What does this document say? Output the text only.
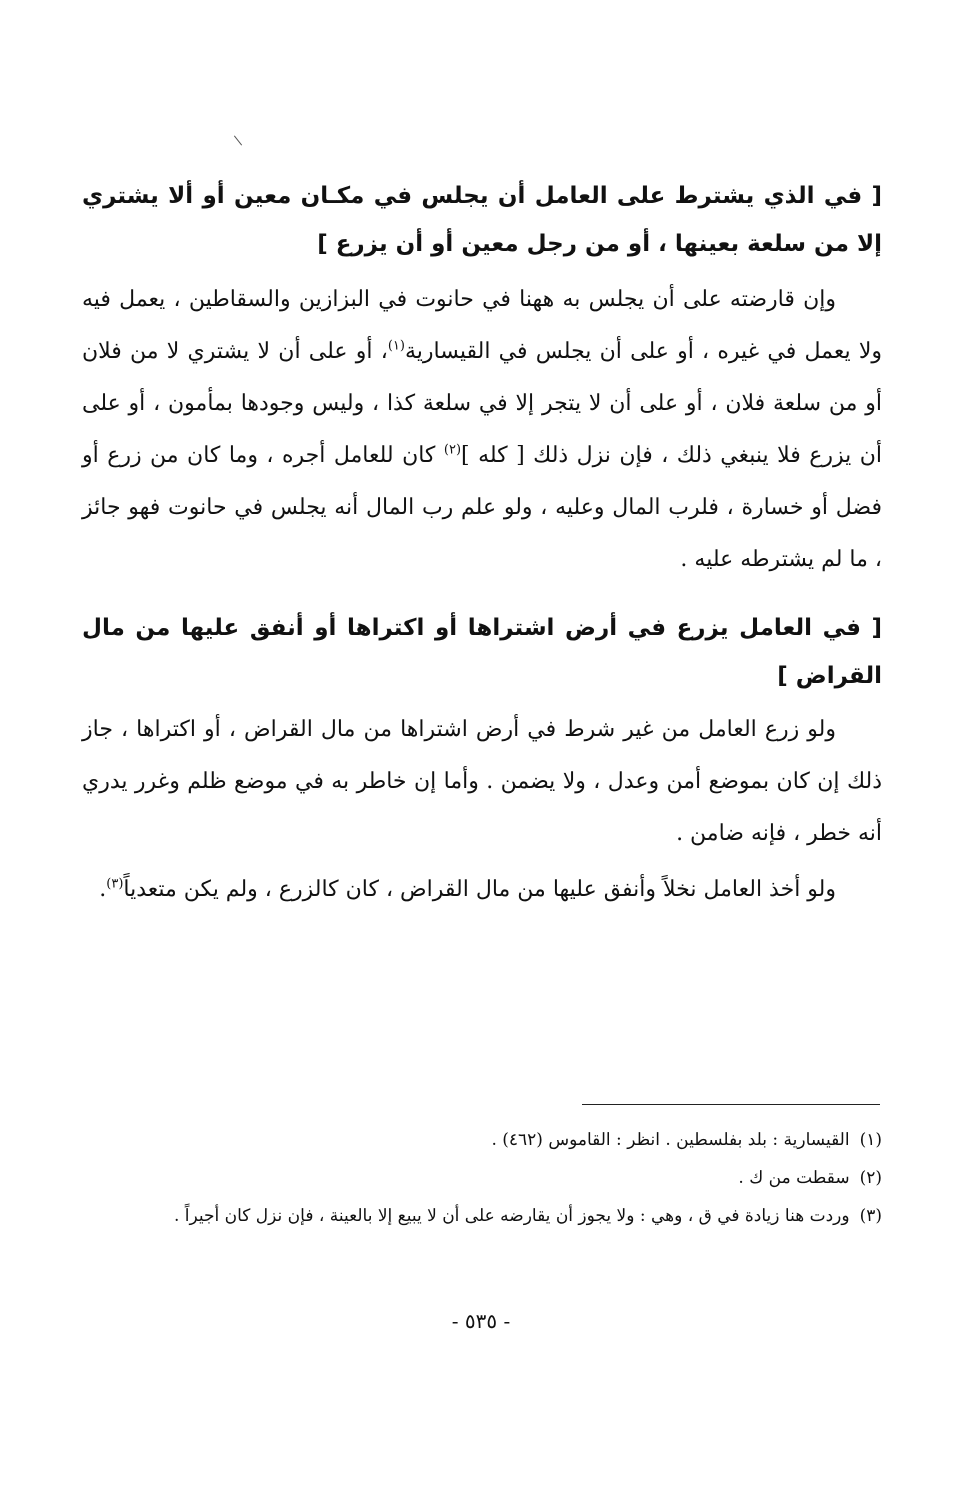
[ في الذي يشترط على العامل أن يجلس في مكـان معين أو ألا يشتري إلا من سلعة بعينها ، أو من رجل معين أو أن يزرع ]

وإن قارضته على أن يجلس به ههنا في حانوت في البزازين والسقاطين ، يعمل فيه ولا يعمل في غيره ، أو على أن يجلس في القيسارية$^{(١)}$، أو على أن لا يشتري لا من فلان أو من سلعة فلان ، أو على أن لا يتجر إلا في سلعة كذا ، وليس وجودها بمأمون ، أو على أن يزرع فلا ينبغي ذلك ، فإن نزل ذلك [ كله ]$^{(٢)}$ كان للعامل أجره ، وما كان من زرع أو فضل أو خسارة ، فلرب المال وعليه ، ولو علم رب المال أنه يجلس في حانوت فهو جائز ، ما لم يشترطه عليه .

[ في العامل يزرع في أرض اشتراها أو اكتراها أو أنفق عليها من مال القراض ]

ولو زرع العامل من غير شرط في أرض اشتراها من مال القراض ، أو اكتراها ، جاز ذلك إن كان بموضع أمن وعدل ، ولا يضمن . وأما إن خاطر به في موضع ظلم وغرر يدري أنه خطر ، فإنه ضامن .

ولو أخذ العامل نخلاً وأنفق عليها من مال القراض ، كان كالزرع ، ولم يكن متعدياً$^{(٣)}$.

(١)القيسارية : بلد بفلسطين . انظر : القاموس (٤٦٢) .

(٢)سقطت من ك .

(٣)وردت هنا زيادة في ق ، وهي : ولا يجوز أن يقارضه على أن لا يبيع إلا بالعينة ، فإن نزل كان أجيراً .

- ٥٣٥ -
